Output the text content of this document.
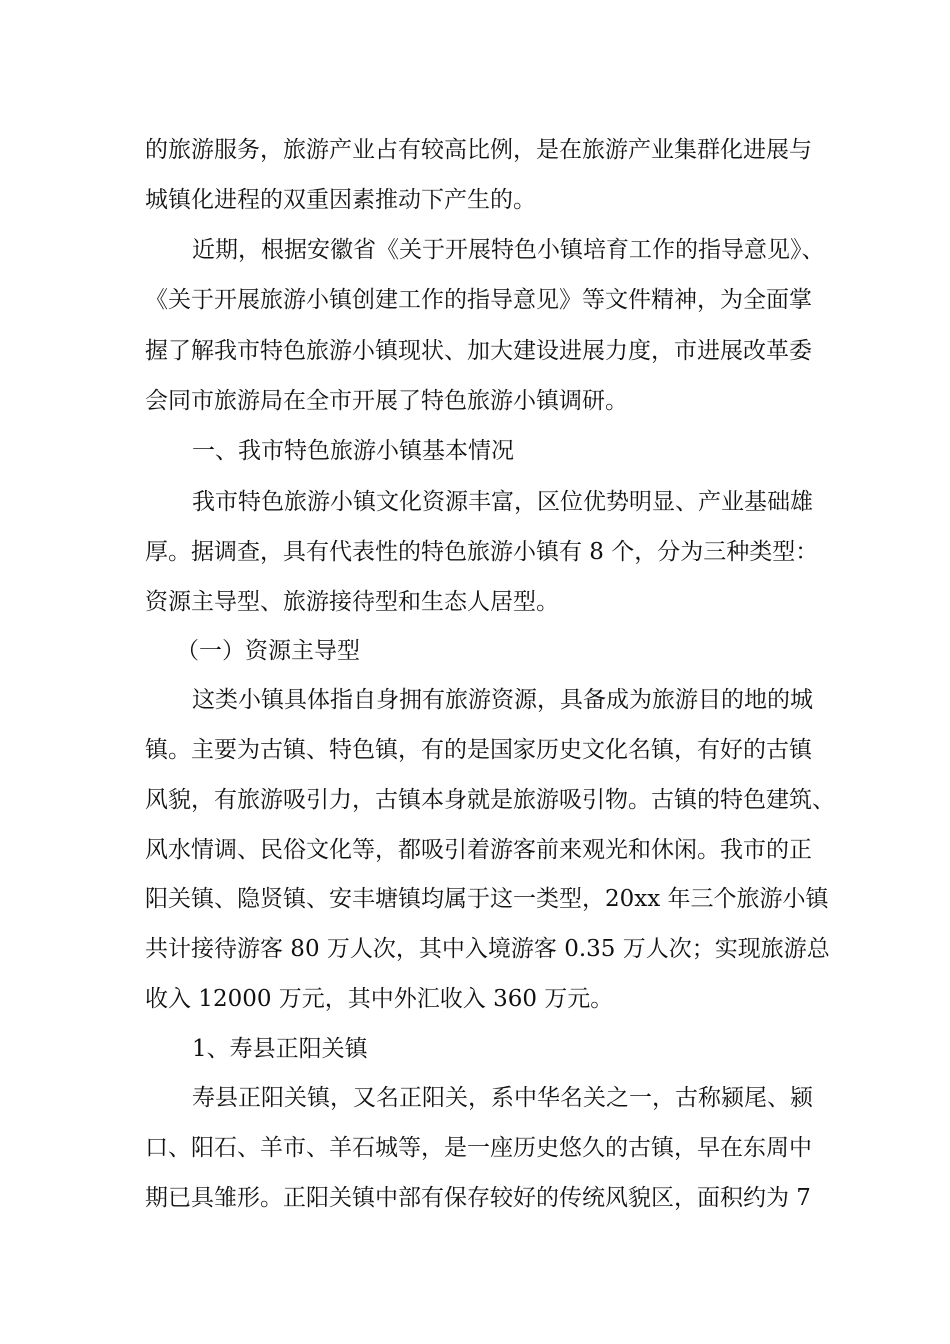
的旅游服务，旅游产业占有较高比例，是在旅游产业集群化进展与

城镇化进程的双重因素推动下产生的。

近期，根据安徽省《关于开展特色小镇培育工作的指导意见》、

《关于开展旅游小镇创建工作的指导意见》等文件精神，为全面掌

握了解我市特色旅游小镇现状、加大建设进展力度，市进展改革委

会同市旅游局在全市开展了特色旅游小镇调研。

一、我市特色旅游小镇基本情况

我市特色旅游小镇文化资源丰富，区位优势明显、产业基础雄

厚。据调查，具有代表性的特色旅游小镇有 8 个，分为三种类型：

资源主导型、旅游接待型和生态人居型。

（一）资源主导型

这类小镇具体指自身拥有旅游资源，具备成为旅游目的地的城

镇。主要为古镇、特色镇，有的是国家历史文化名镇，有好的古镇

风貌，有旅游吸引力，古镇本身就是旅游吸引物。古镇的特色建筑、

风水情调、民俗文化等，都吸引着游客前来观光和休闲。我市的正

阳关镇、隐贤镇、安丰塘镇均属于这一类型，20xx 年三个旅游小镇

共计接待游客 80 万人次，其中入境游客 0.35 万人次；实现旅游总

收入 12000 万元，其中外汇收入 360 万元。

1、寿县正阳关镇

寿县正阳关镇，又名正阳关，系中华名关之一，古称颍尾、颍

口、阳石、羊市、羊石城等，是一座历史悠久的古镇，早在东周中

期已具雏形。正阳关镇中部有保存较好的传统风貌区，面积约为 7
